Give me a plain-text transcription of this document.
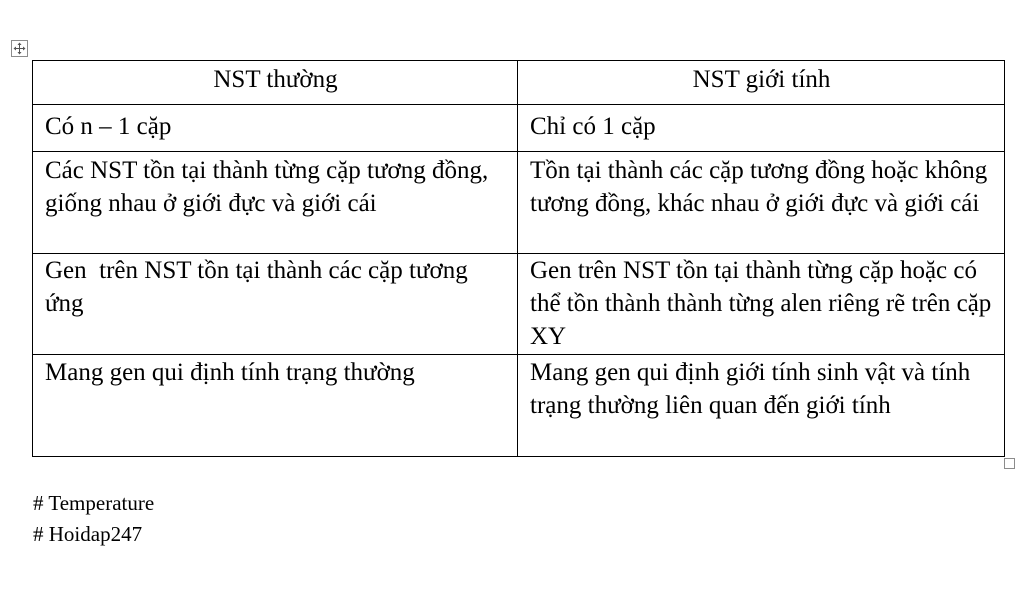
NST thường	NST giới tính
Có n – 1 cặp	Chỉ có 1 cặp
Các NST tồn tại thành từng cặp tương đồng, giống nhau ở giới đực và giới cái	Tồn tại thành các cặp tương đồng hoặc không tương đồng, khác nhau ở giới đực và giới cái
Gen  trên NST tồn tại thành các cặp tương ứng	Gen trên NST tồn tại thành từng cặp hoặc có thể tồn thành thành từng alen riêng rẽ trên cặp XY
Mang gen qui định tính trạng thường	Mang gen qui định giới tính sinh vật và tính trạng thường liên quan đến giới tính
# Temperature
# Hoidap247
